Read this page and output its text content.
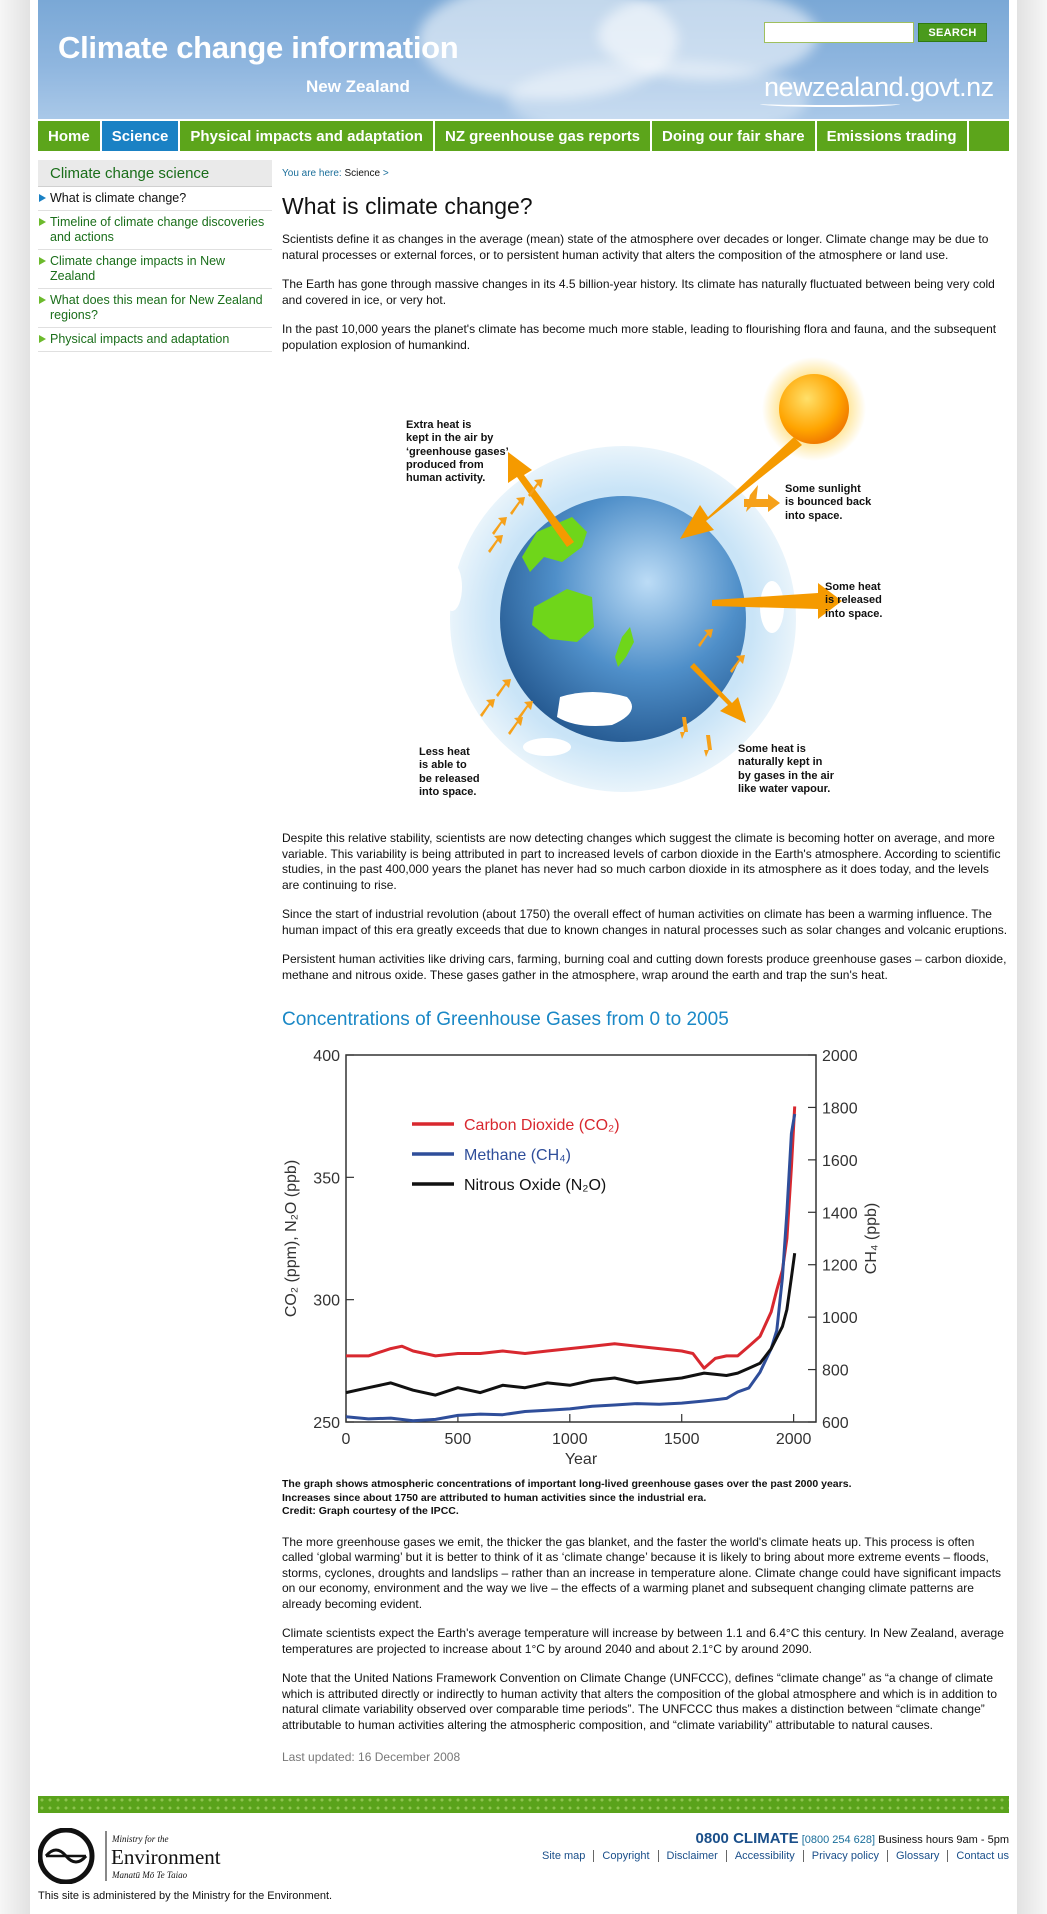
Climate change information
New Zealand
SEARCH
newzealand.govt.nz
Home	Science	Physical impacts and adaptation	NZ greenhouse gas reports	Doing our fair share	Emissions trading
Climate change science
What is climate change?
Timeline of climate change discoveries and actions
Climate change impacts in New Zealand
What does this mean for New Zealand regions?
Physical impacts and adaptation
You are here: Science >
What is climate change?

Scientists define it as changes in the average (mean) state of the atmosphere over decades or longer. Climate change may be due to natural processes or external forces, or to persistent human activity that alters the composition of the atmosphere or land use.

The Earth has gone through massive changes in its 4.5 billion-year history. Its climate has naturally fluctuated between being very cold and covered in ice, or very hot.

In the past 10,000 years the planet's climate has become much more stable, leading to flourishing flora and fauna, and the subsequent population explosion of humankind.

Extra heat is
kept in the air by
‘greenhouse gases’
produced from
human activity.
Some sunlight
is bounced back
into space.
Some heat
is released
into space.
Less heat
is able to
be released
into space.
Some heat is
naturally kept in
by gases in the air
like water vapour.

Despite this relative stability, scientists are now detecting changes which suggest the climate is becoming hotter on average, and more variable. This variability is being attributed in part to increased levels of carbon dioxide in the Earth's atmosphere. According to scientific studies, in the past 400,000 years the planet has never had so much carbon dioxide in its atmosphere as it does today, and the levels are continuing to rise.

Since the start of industrial revolution (about 1750) the overall effect of human activities on climate has been a warming influence. The human impact of this era greatly exceeds that due to known changes in natural processes such as solar changes and volcanic eruptions.

Persistent human activities like driving cars, farming, burning coal and cutting down forests produce greenhouse gases – carbon dioxide, methane and nitrous oxide. These gases gather in the atmosphere, wrap around the earth and trap the sun's heat.

Concentrations of Greenhouse Gases from 0 to 2005
0	500	1000	1500	2000
250
300
350
400
600
800
1000
1200
1400
1600
1800
2000
Year
CO₂ (ppm), N₂O (ppb)	CH₄ (ppb)
Carbon Dioxide (CO₂)
Methane (CH₄)
Nitrous Oxide (N₂O)
The graph shows atmospheric concentrations of important long-lived greenhouse gases over the past 2000 years.
Increases since about 1750 are attributed to human activities since the industrial era.
Credit: Graph courtesy of the IPCC.

The more greenhouse gases we emit, the thicker the gas blanket, and the faster the world's climate heats up. This process is often called ‘global warming’ but it is better to think of it as ‘climate change’ because it is likely to bring about more extreme events – floods, storms, cyclones, droughts and landslips – rather than an increase in temperature alone. Climate change could have significant impacts on our economy, environment and the way we live – the effects of a warming planet and subsequent changing climate patterns are already becoming evident.

Climate scientists expect the Earth's average temperature will increase by between 1.1 and 6.4°C this century. In New Zealand, average temperatures are projected to increase about 1°C by around 2040 and about 2.1°C by around 2090.

Note that the United Nations Framework Convention on Climate Change (UNFCCC), defines “climate change” as “a change of climate which is attributed directly or indirectly to human activity that alters the composition of the global atmosphere and which is in addition to natural climate variability observed over comparable time periods”. The UNFCCC thus makes a distinction between “climate change” attributable to human activities altering the atmospheric composition, and “climate variability” attributable to natural causes.

Last updated: 16 December 2008
Ministry for the
Environment
Manatū Mō Te Taiao
This site is administered by the Ministry for the Environment.
0800 CLIMATE [0800 254 628] Business hours 9am - 5pm
Site map	Copyright	Disclaimer	Accessibility	Privacy policy	Glossary	Contact us
